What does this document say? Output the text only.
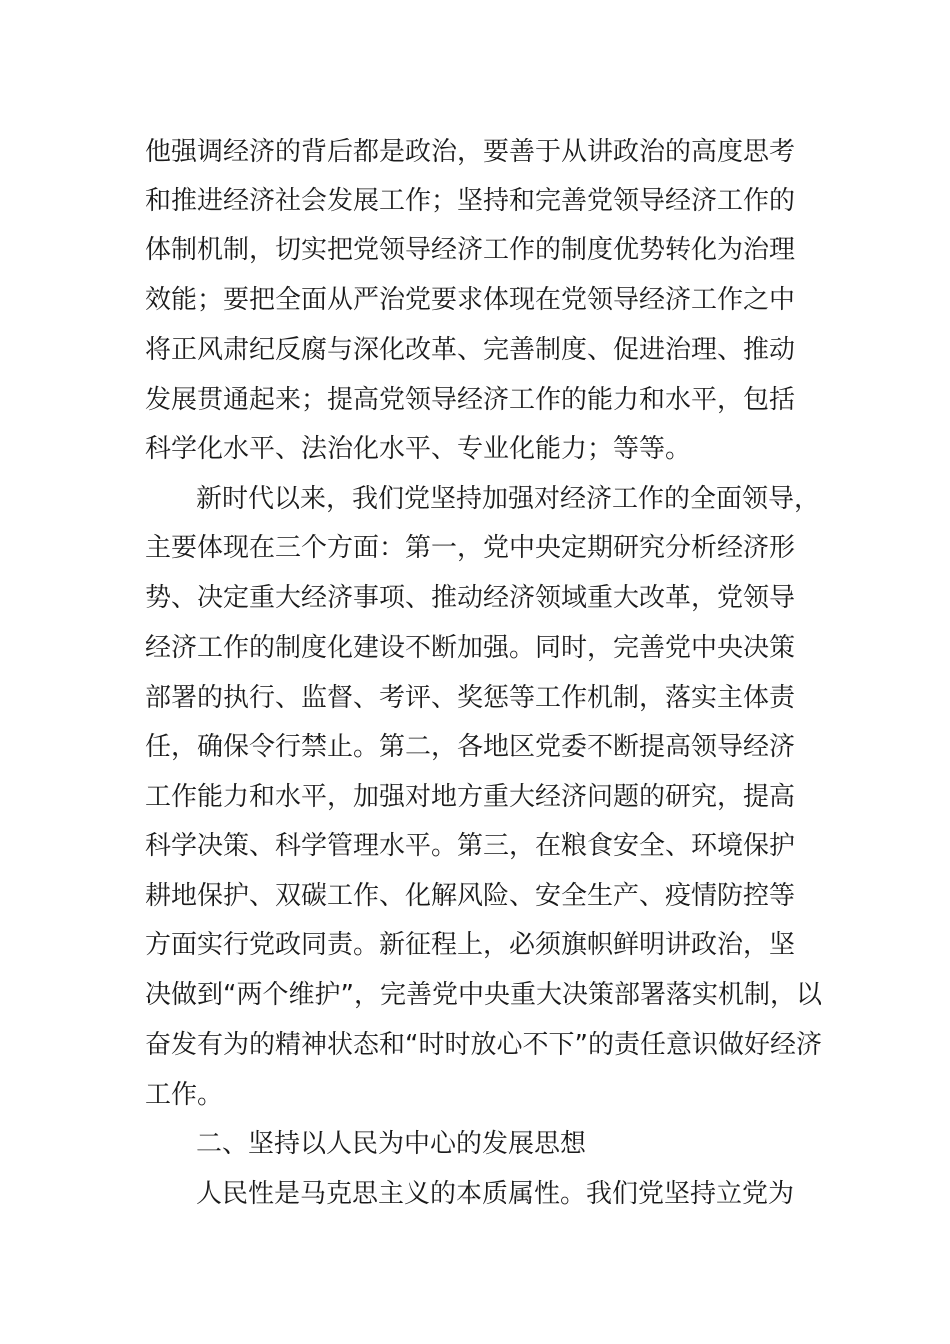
他强调经济的背后都是政治，要善于从讲政治的高度思考
和推进经济社会发展工作；坚持和完善党领导经济工作的
体制机制，切实把党领导经济工作的制度优势转化为治理
效能；要把全面从严治党要求体现在党领导经济工作之中
将正风肃纪反腐与深化改革、完善制度、促进治理、推动
发展贯通起来；提高党领导经济工作的能力和水平，包括
科学化水平、法治化水平、专业化能力；等等。
新时代以来，我们党坚持加强对经济工作的全面领导，
主要体现在三个方面：第一，党中央定期研究分析经济形
势、决定重大经济事项、推动经济领域重大改革，党领导
经济工作的制度化建设不断加强。同时，完善党中央决策
部署的执行、监督、考评、奖惩等工作机制，落实主体责
任，确保令行禁止。第二，各地区党委不断提高领导经济
工作能力和水平，加强对地方重大经济问题的研究，提高
科学决策、科学管理水平。第三，在粮食安全、环境保护
耕地保护、双碳工作、化解风险、安全生产、疫情防控等
方面实行党政同责。新征程上，必须旗帜鲜明讲政治，坚
决做到“两个维护”，完善党中央重大决策部署落实机制，以
奋发有为的精神状态和“时时放心不下”的责任意识做好经济
工作。
二、坚持以人民为中心的发展思想
人民性是马克思主义的本质属性。我们党坚持立党为
